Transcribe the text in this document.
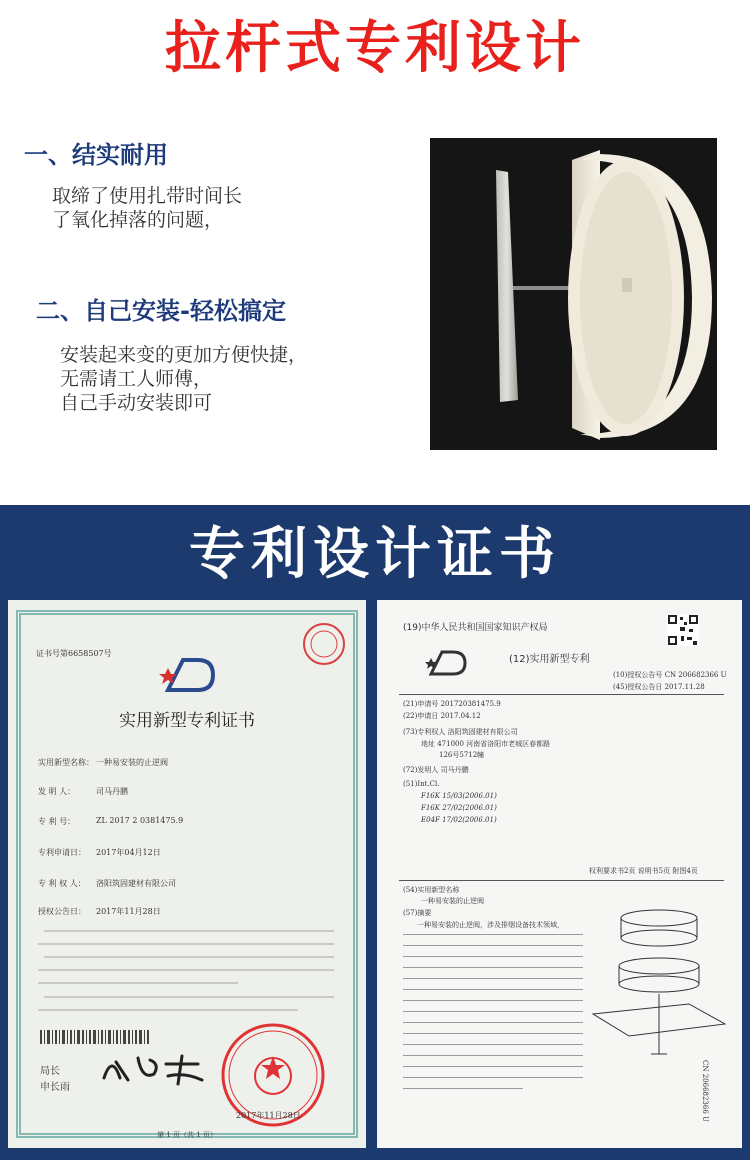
拉杆式专利设计
一、结实耐用
取缔了使用扎带时间长
了氧化掉落的问题，
二、自己安装-轻松搞定
安装起来变的更加方便快捷，
无需请工人师傅，
自己手动安装即可
专利设计证书
证书号第6658507号
实用新型专利证书
实用新型名称： 一种易安装的止逆阀
发 明 人：	司马丹鹏
专 利 号：	ZL 2017 2 0381475.9
专利申请日： 2017年04月12日
专 利 权 人： 洛阳筑固建材有限公司
授权公告日： 2017年11月28日
局长
申长雨
2017年11月28日
第 1 页（共 1 页）
(19)中华人民共和国国家知识产权局
(12)实用新型专利
(10)授权公告号 CN 206682366 U
(45)授权公告日 2017.11.28
(21)申请号 201720381475.9
(22)申请日 2017.04.12
(73)专利权人 洛阳筑固建材有限公司
地址 471000 河南省洛阳市老城区春都路
126号5712幢
(72)发明人 司马丹鹏
(51)Int.Cl.
F16K 15/03(2006.01)
F16K 27/02(2006.01)
E04F 17/02(2006.01)
权利要求书2页 说明书5页 附图4页
(54)实用新型名称
一种易安装的止逆阀
(57)摘要
一种易安装的止逆阀，涉及排烟设备技术领域，
CN 206682366 U
